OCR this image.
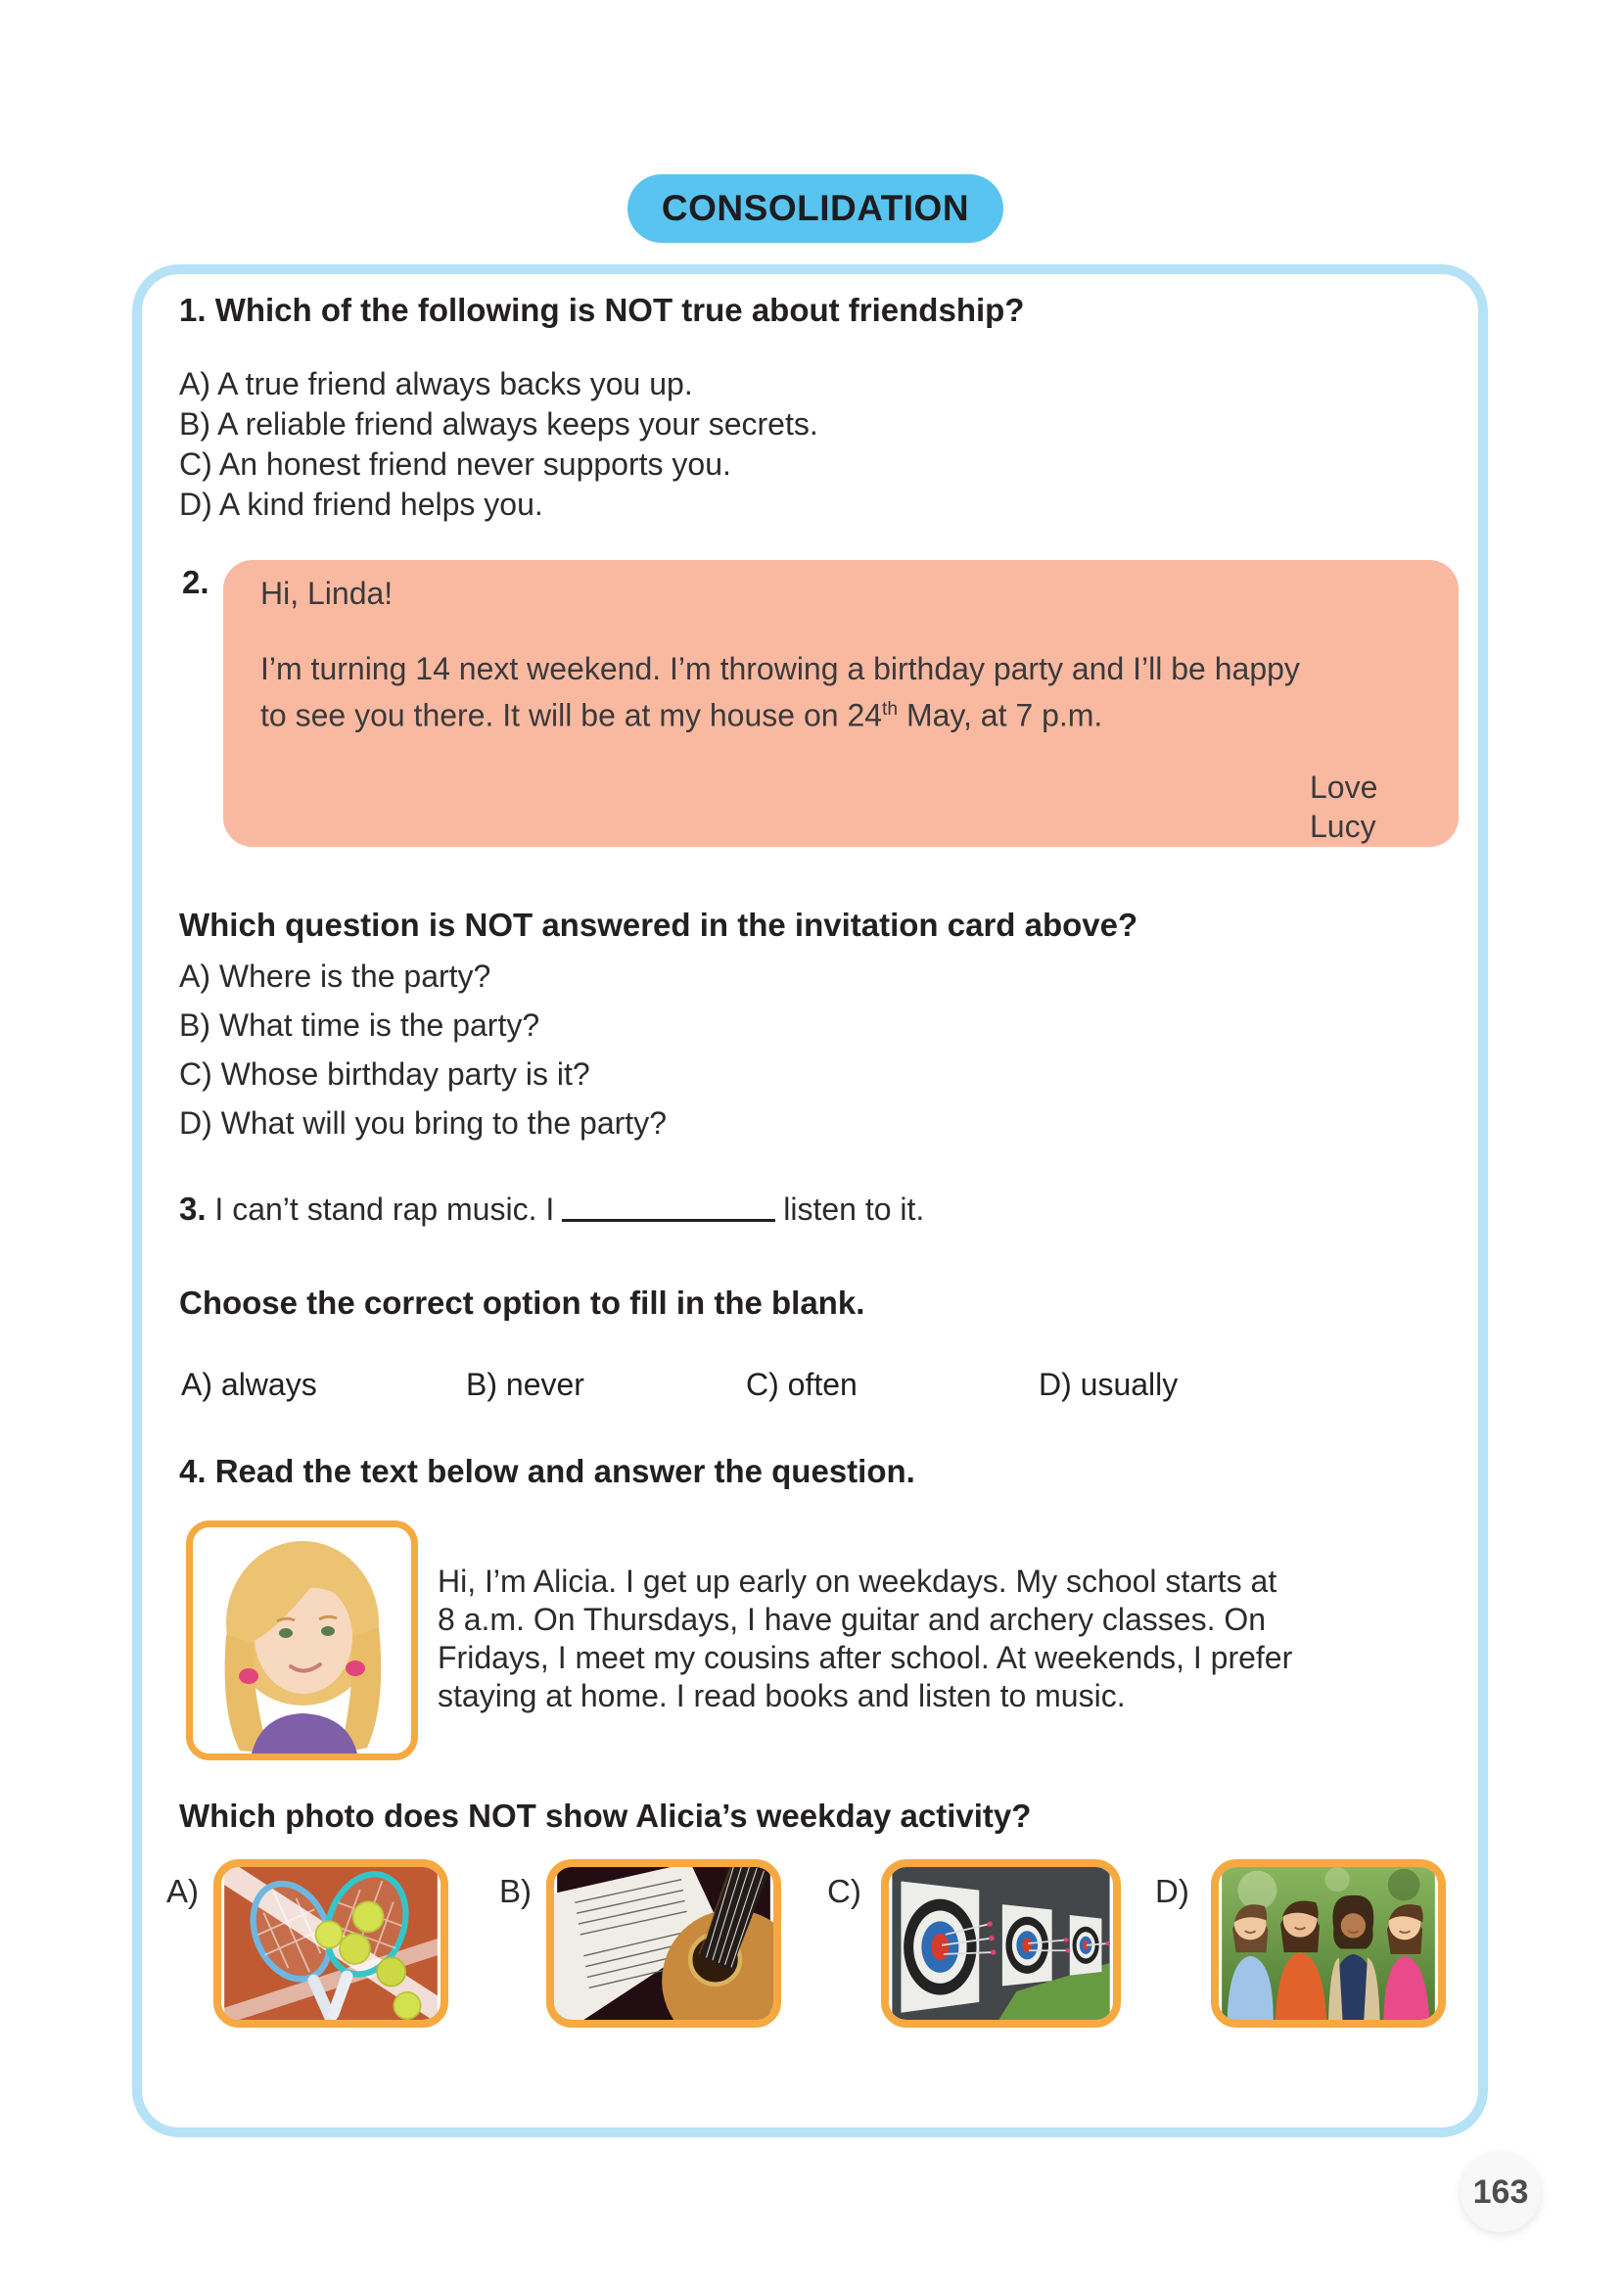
CONSOLIDATION
1. Which of the following is NOT true about friendship?
A) A true friend always backs you up.
B) A reliable friend always keeps your secrets.
C) An honest friend never supports you.
D) A kind friend helps you.
2. Hi, Linda!
I’m turning 14 next weekend. I’m throwing a birthday party and I’ll be happy
to see you there. It will be at my house on 24th May, at 7 p.m.
Love
Lucy
Which question is NOT answered in the invitation card above?
A) Where is the party?
B) What time is the party?
C) Whose birthday party is it?
D) What will you bring to the party?
3. I can’t stand rap music. I	listen to it.
Choose the correct option to fill in the blank.
A) always	B) never	C) often	D) usually
4. Read the text below and answer the question.
Hi, I’m Alicia. I get up early on weekdays. My school starts at
8 a.m. On Thursdays, I have guitar and archery classes. On
Fridays, I meet my cousins after school. At weekends, I prefer
staying at home. I read books and listen to music.
Which photo does NOT show Alicia’s weekday activity?
A)	B)	C)	D)
163
